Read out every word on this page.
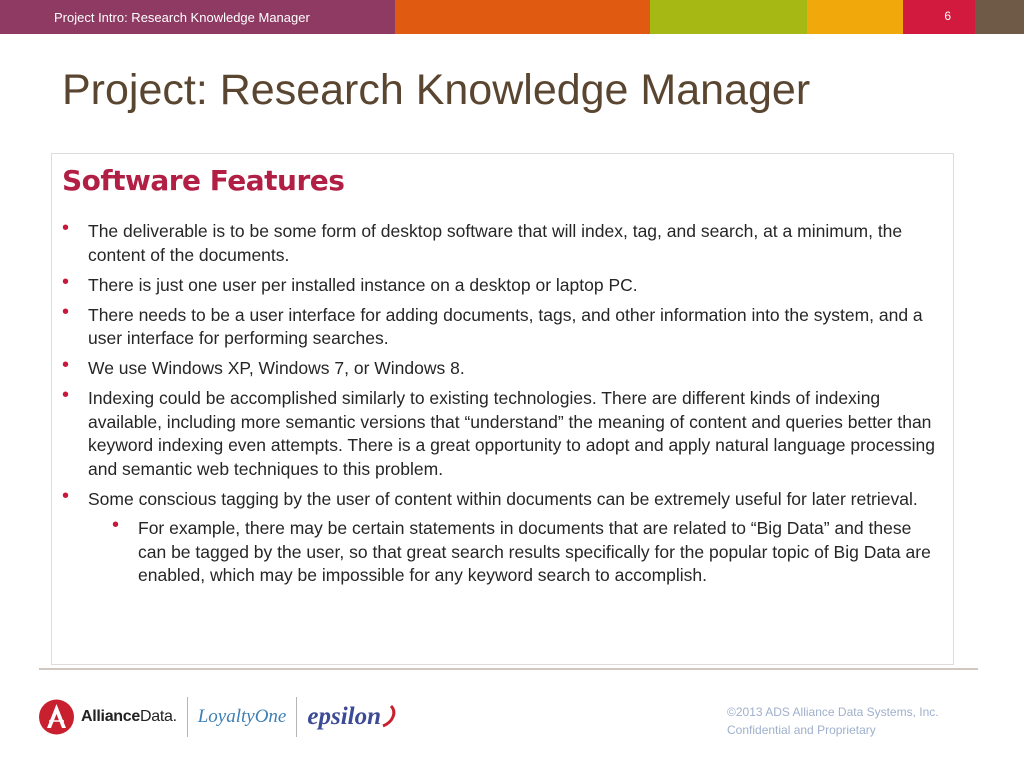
Project Intro: Research Knowledge Manager	6
Project: Research Knowledge Manager
Software Features
• The deliverable is to be some form of desktop software that will index, tag, and search, at a minimum, the content of the documents.
• There is just one user per installed instance on a desktop or laptop PC.
• There needs to be a user interface for adding documents, tags, and other information into the system, and a user interface for performing searches.
• We use Windows XP, Windows 7, or Windows 8.
• Indexing could be accomplished similarly to existing technologies. There are different kinds of indexing available, including more semantic versions that “understand” the meaning of content and queries better than keyword indexing even attempts. There is a great opportunity to adopt and apply natural language processing and semantic web techniques to this problem.
• Some conscious tagging by the user of content within documents can be extremely useful for later retrieval.
• For example, there may be certain statements in documents that are related to “Big Data” and these can be tagged by the user, so that great search results specifically for the popular topic of Big Data are enabled, which may be impossible for any keyword search to accomplish.
AllianceData. LoyaltyOne epsilon	©2013 ADS Alliance Data Systems, Inc.
Confidential and Proprietary
